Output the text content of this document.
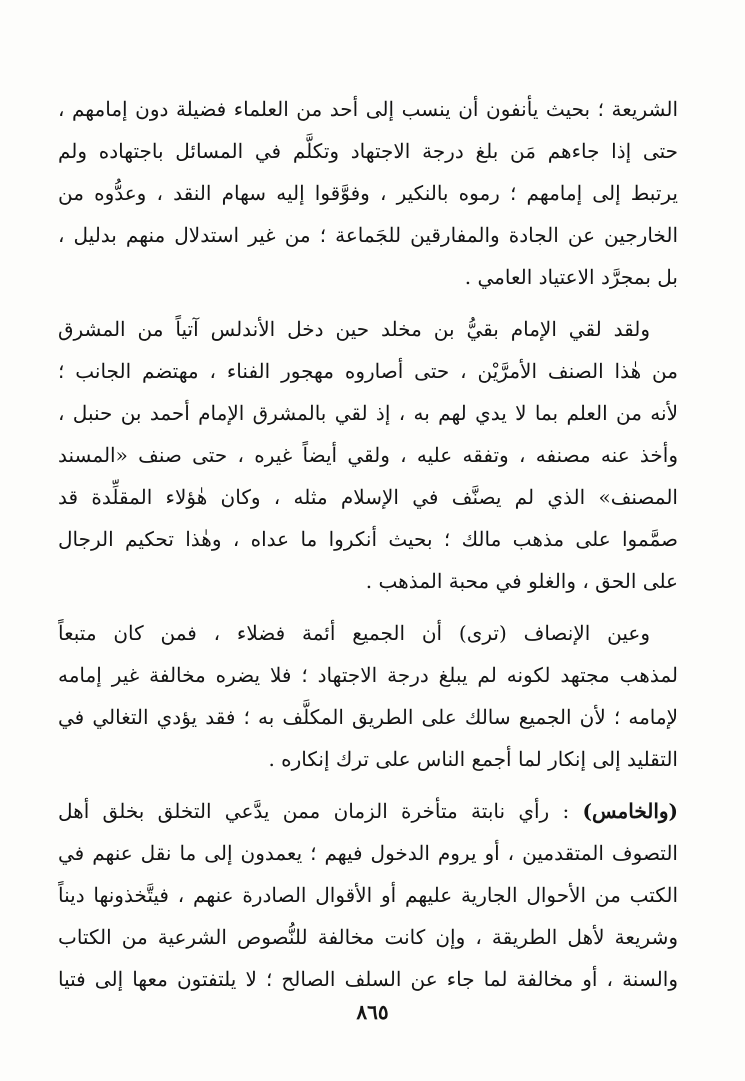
الشريعة ؛ بحيث يأنفون أن ينسب إلى أحد من العلماء فضيلة دون إمامهم ،

حتى إذا جاءهم مَن بلغ درجة الاجتهاد وتكلَّم في المسائل باجتهاده ولم

يرتبط إلى إمامهم ؛ رموه بالنكير ، وفوَّقوا إليه سهام النقد ، وعدُّوه من

الخارجين عن الجادة والمفارقين للجَماعة ؛ من غير استدلال منهم بدليل ،

بل بمجرَّد الاعتياد العامي .

ولقد لقي الإمام بقيُّ بن مخلد حين دخل الأندلس آتياً من المشرق

من هٰذا الصنف الأمرَّيْن ، حتى أصاروه مهجور الفناء ، مهتضم الجانب ؛

لأنه من العلم بما لا يدي لهم به ، إذ لقي بالمشرق الإمام أحمد بن حنبل ،

وأخذ عنه مصنفه ، وتفقه عليه ، ولقي أيضاً غيره ، حتى صنف «المسند

المصنف» الذي لم يصنَّف في الإسلام مثله ، وكان هٰؤلاء المقلِّدة قد

صمَّموا على مذهب مالك ؛ بحيث أنكروا ما عداه ، وهٰذا تحكيم الرجال

على الحق ، والغلو في محبة المذهب .

وعين الإنصاف (ترى) أن الجميع أئمة فضلاء ، فمن كان متبعاً

لمذهب مجتهد لكونه لم يبلغ درجة الاجتهاد ؛ فلا يضره مخالفة غير إمامه

لإمامه ؛ لأن الجميع سالك على الطريق المكلَّف به ؛ فقد يؤدي التغالي في

التقليد إلى إنكار لما أجمع الناس على ترك إنكاره .

(والخامس) : رأي نابتة متأخرة الزمان ممن يدَّعي التخلق بخلق أهل

التصوف المتقدمين ، أو يروم الدخول فيهم ؛ يعمدون إلى ما نقل عنهم في

الكتب من الأحوال الجارية عليهم أو الأقوال الصادرة عنهم ، فيتَّخذونها ديناً

وشريعة لأهل الطريقة ، وإن كانت مخالفة للنُّصوص الشرعية من الكتاب

والسنة ، أو مخالفة لما جاء عن السلف الصالح ؛ لا يلتفتون معها إلى فتيا

٨٦٥
